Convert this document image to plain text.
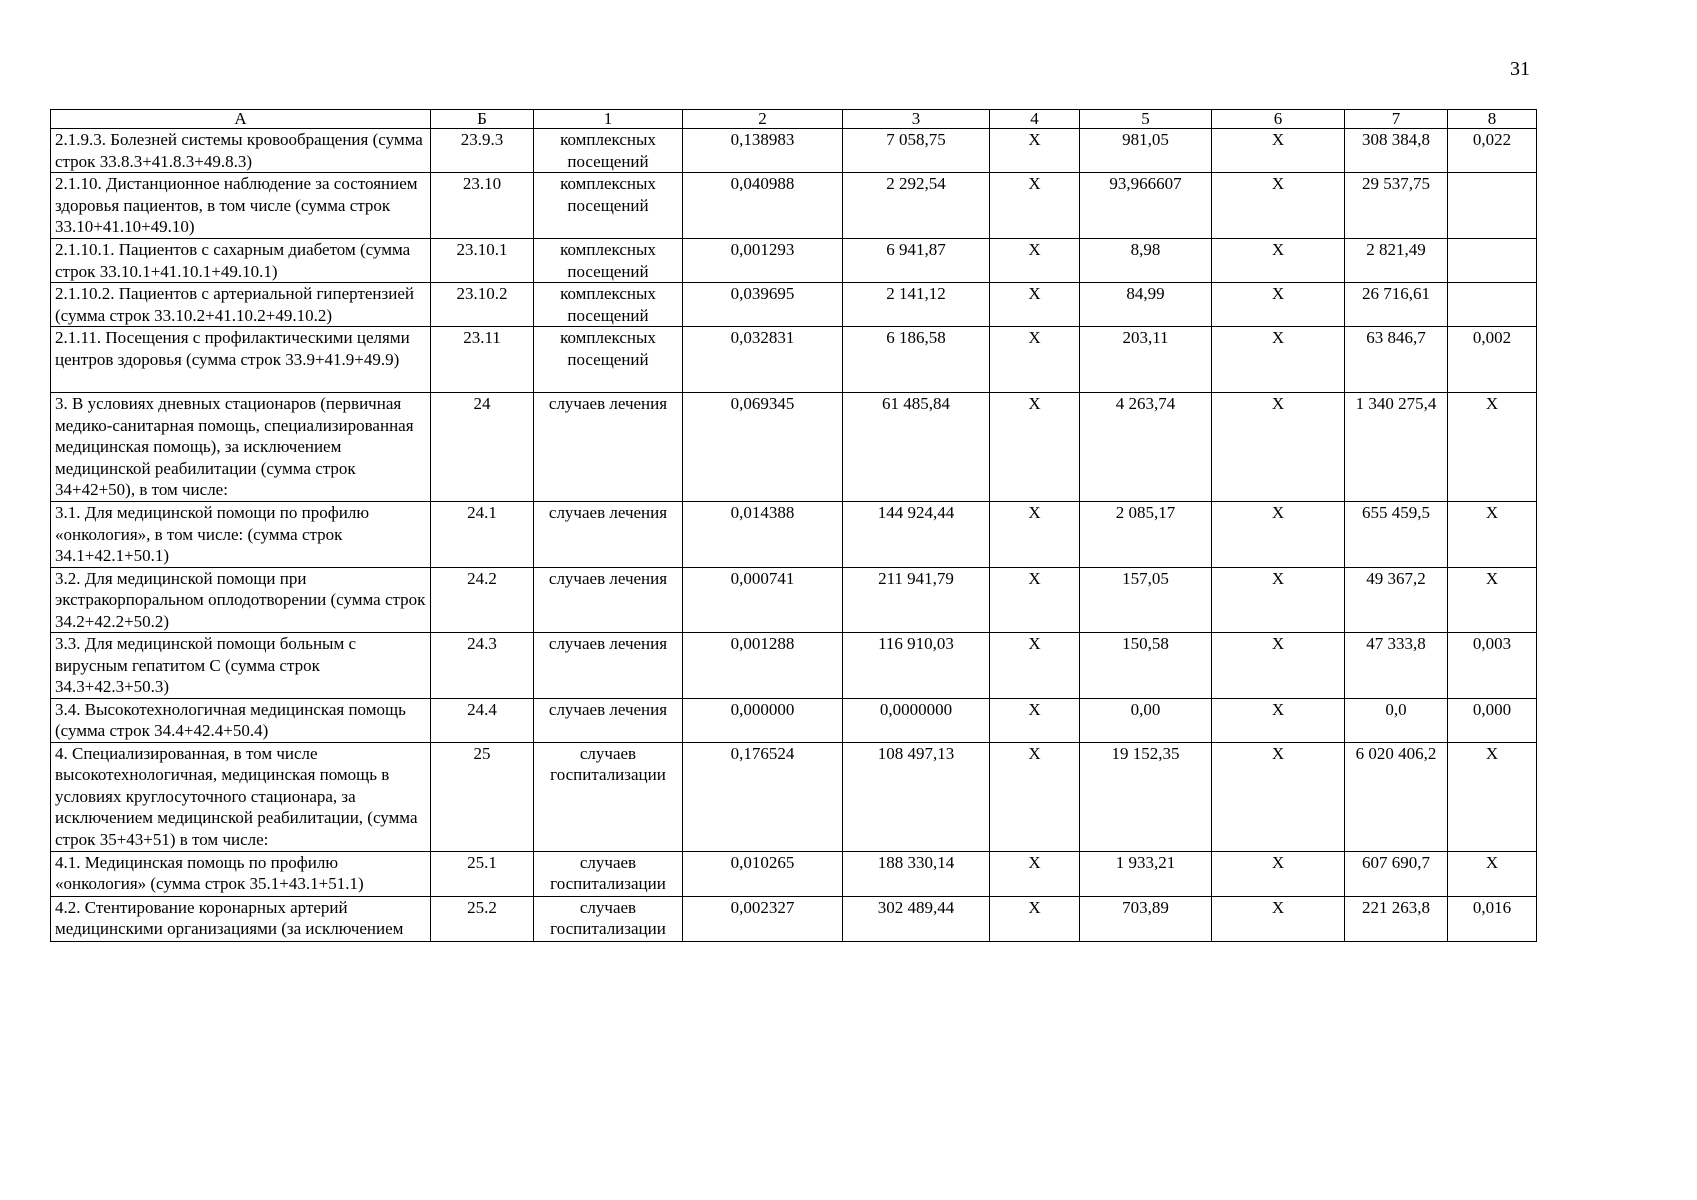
31
А	Б	1	2	3	4	5	6	7	8
2.1.9.3. Болезней системы кровообращения (сумма строк 33.8.3+41.8.3+49.8.3)	23.9.3	комплексных посещений	0,138983	7 058,75	X	981,05	X	308 384,8	0,022
2.1.10. Дистанционное наблюдение за состоянием здоровья пациентов, в том числе (сумма строк 33.10+41.10+49.10)	23.10	комплексных посещений	0,040988	2 292,54	X	93,966607	X	29 537,75	
2.1.10.1. Пациентов с сахарным диабетом (сумма строк 33.10.1+41.10.1+49.10.1)	23.10.1	комплексных посещений	0,001293	6 941,87	X	8,98	X	2 821,49	
2.1.10.2. Пациентов с артериальной гипертензией (сумма строк 33.10.2+41.10.2+49.10.2)	23.10.2	комплексных посещений	0,039695	2 141,12	X	84,99	X	26 716,61	
2.1.11. Посещения с профилактическими целями центров здоровья (сумма строк 33.9+41.9+49.9)	23.11	комплексных посещений	0,032831	6 186,58	X	203,11	X	63 846,7	0,002
3. В условиях дневных стационаров (первичная медико-санитарная помощь, специализированная медицинская помощь), за исключением медицинской реабилитации (сумма строк 34+42+50), в том числе:	24	случаев лечения	0,069345	61 485,84	X	4 263,74	X	1 340 275,4	X
3.1. Для медицинской помощи по профилю «онкология», в том числе: (сумма строк 34.1+42.1+50.1)	24.1	случаев лечения	0,014388	144 924,44	X	2 085,17	X	655 459,5	X
3.2. Для медицинской помощи при экстракорпоральном оплодотворении (сумма строк 34.2+42.2+50.2)	24.2	случаев лечения	0,000741	211 941,79	X	157,05	X	49 367,2	X
3.3. Для медицинской помощи больным с вирусным гепатитом С (сумма строк 34.3+42.3+50.3)	24.3	случаев лечения	0,001288	116 910,03	X	150,58	X	47 333,8	0,003
3.4. Высокотехнологичная медицинская помощь (сумма строк 34.4+42.4+50.4)	24.4	случаев лечения	0,000000	0,0000000	X	0,00	X	0,0	0,000
4. Специализированная, в том числе высокотехнологичная, медицинская помощь в условиях круглосуточного стационара, за исключением медицинской реабилитации, (сумма строк 35+43+51) в том числе:	25	случаев госпитализации	0,176524	108 497,13	X	19 152,35	X	6 020 406,2	X
4.1. Медицинская помощь по профилю «онкология» (сумма строк 35.1+43.1+51.1)	25.1	случаев госпитализации	0,010265	188 330,14	X	1 933,21	X	607 690,7	X
4.2. Стентирование коронарных артерий медицинскими организациями (за исключением	25.2	случаев госпитализации	0,002327	302 489,44	X	703,89	X	221 263,8	0,016
